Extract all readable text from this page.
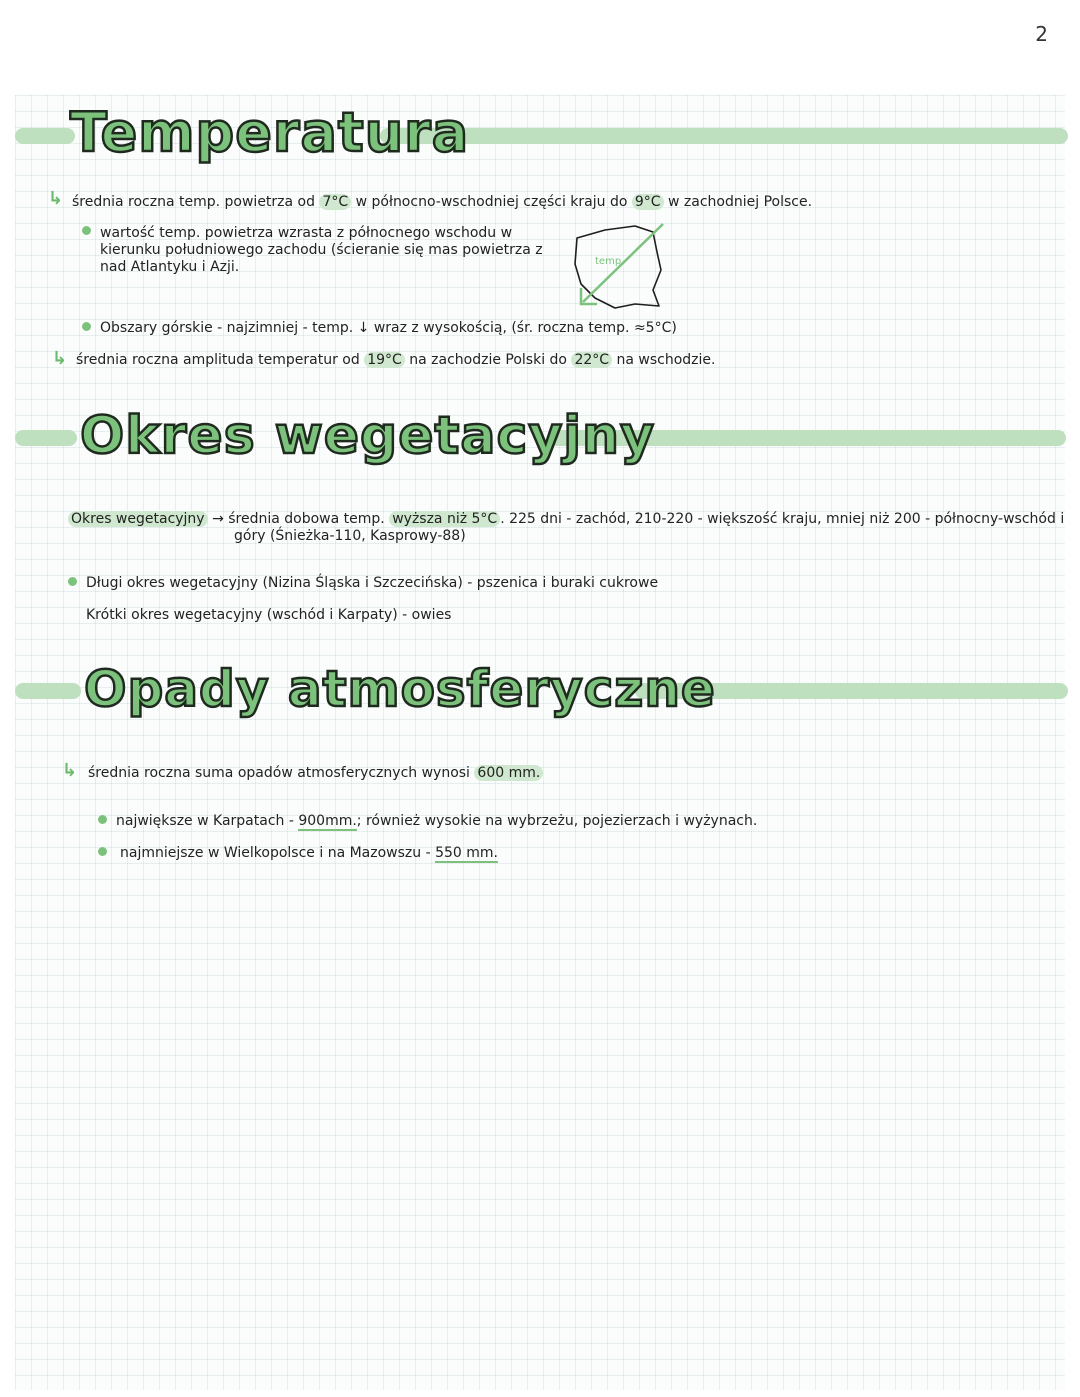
2
Temperatura
↳ średnia roczna temp. powietrza od 7°C w północno-wschodniej części kraju do 9°C w zachodniej Polsce.
wartość temp. powietrza wzrasta z północnego wschodu w
kierunku południowego zachodu (ścieranie się mas powietrza z
nad Atlantyku i Azji.	temp.
Obszary górskie - najzimniej - temp. ↓ wraz z wysokością, (śr. roczna temp. ≈5°C)
↳ średnia roczna amplituda temperatur od 19°C na zachodzie Polski do 22°C na wschodzie.
Okres wegetacyjny
Okres wegetacyjny → średnia dobowa temp. wyższa niż 5°C . 225 dni - zachód, 210-220 - większość kraju, mniej niż 200 - północny-wschód i
góry (Śnieżka-110, Kasprowy-88)
Długi okres wegetacyjny (Nizina Śląska i Szczecińska) - pszenica i buraki cukrowe
Krótki okres wegetacyjny (wschód i Karpaty) - owies
Opady atmosferyczne
↳ średnia roczna suma opadów atmosferycznych wynosi 600 mm.
największe w Karpatach - 900mm.; również wysokie na wybrzeżu, pojezierzach i wyżynach.
najmniejsze w Wielkopolsce i na Mazowszu - 550 mm.
